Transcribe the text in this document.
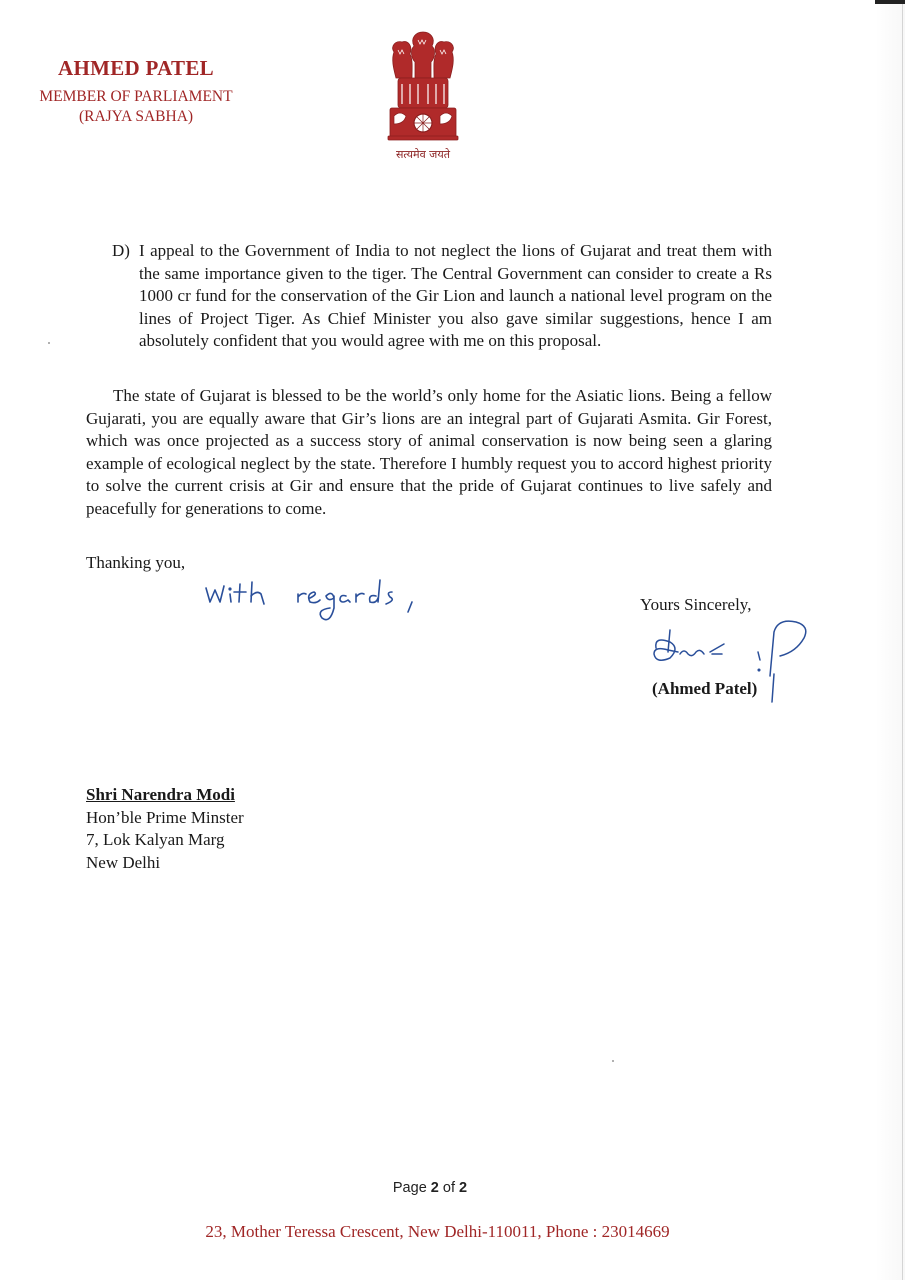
AHMED PATEL
MEMBER OF PARLIAMENT
(RAJYA SABHA)
सत्यमेव जयते
D) I appeal to the Government of India to not neglect the lions of Gujarat and treat them with the same importance given to the tiger. The Central Government can consider to create a Rs 1000 cr fund for the conservation of the Gir Lion and launch a national level program on the lines of Project Tiger. As Chief Minister you also gave similar suggestions, hence I am absolutely confident that you would agree with me on this proposal.
The state of Gujarat is blessed to be the world’s only home for the Asiatic lions. Being a fellow Gujarati, you are equally aware that Gir’s lions are an integral part of Gujarati Asmita. Gir Forest, which was once projected as a success story of animal conservation is now being seen a glaring example of ecological neglect by the state. Therefore I humbly request you to accord highest priority to solve the current crisis at Gir and ensure that the pride of Gujarat continues to live safely and peacefully for generations to come.
Thanking you,
Yours Sincerely,
(Ahmed Patel)
Shri Narendra Modi
Hon’ble Prime Minster
7, Lok Kalyan Marg
New Delhi
Page 2 of 2
23, Mother Teressa Crescent, New Delhi-110011, Phone : 23014669
